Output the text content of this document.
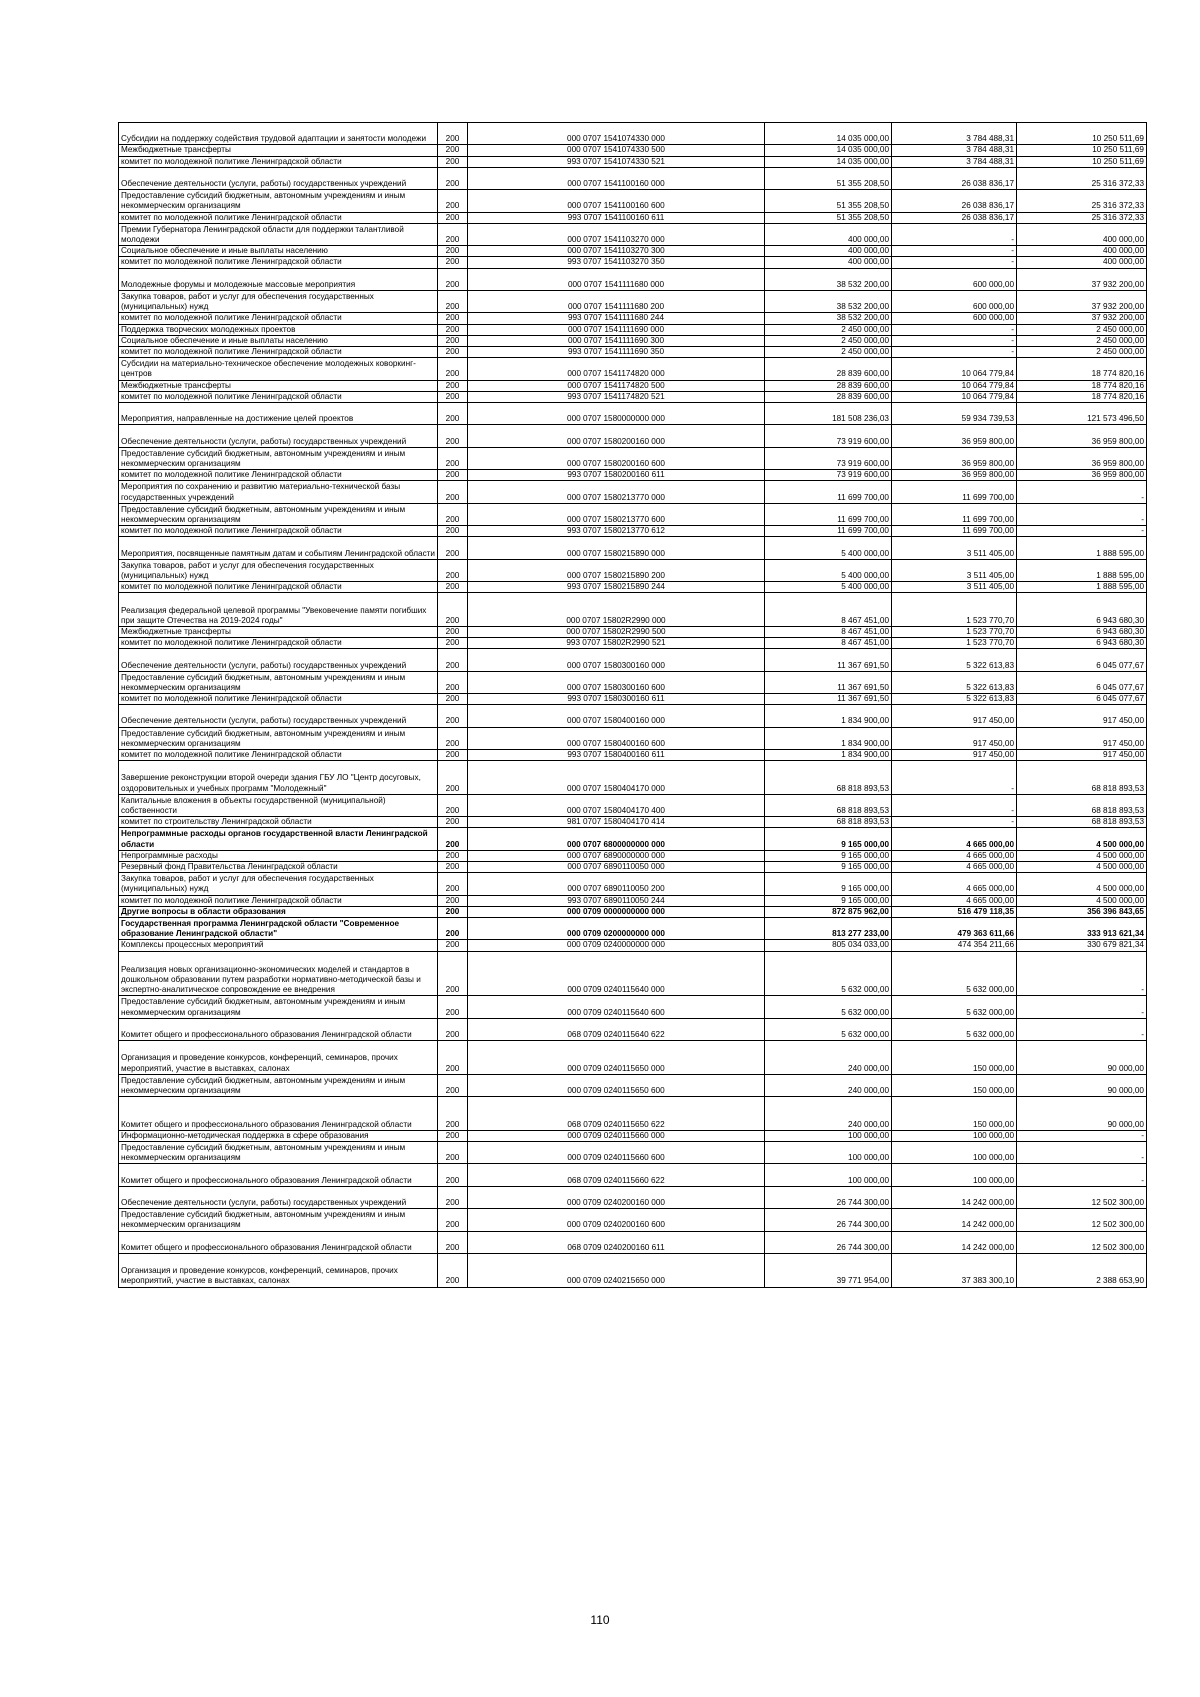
Субсидии на поддержку содействия трудовой адаптации и занятости молодежи	200	000 0707 1541074330 000	14 035 000,00	3 784 488,31	10 250 511,69
Межбюджетные трансферты	200	000 0707 1541074330 500	14 035 000,00	3 784 488,31	10 250 511,69
комитет по молодежной политике Ленинградской области	200	993 0707 1541074330 521	14 035 000,00	3 784 488,31	10 250 511,69
Обеспечение деятельности (услуги, работы) государственных учреждений	200	000 0707 1541100160 000	51 355 208,50	26 038 836,17	25 316 372,33
Предоставление субсидий бюджетным, автономным учреждениям и иным некоммерческим организациям	200	000 0707 1541100160 600	51 355 208,50	26 038 836,17	25 316 372,33
комитет по молодежной политике Ленинградской области	200	993 0707 1541100160 611	51 355 208,50	26 038 836,17	25 316 372,33
Премии Губернатора Ленинградской области для поддержки талантливой молодежи	200	000 0707 1541103270 000	400 000,00	-	400 000,00
Социальное обеспечение и иные выплаты населению	200	000 0707 1541103270 300	400 000,00	-	400 000,00
комитет по молодежной политике Ленинградской области	200	993 0707 1541103270 350	400 000,00	-	400 000,00
Молодежные форумы и молодежные массовые мероприятия	200	000 0707 1541111680 000	38 532 200,00	600 000,00	37 932 200,00
Закупка товаров, работ и услуг для обеспечения государственных (муниципальных) нужд	200	000 0707 1541111680 200	38 532 200,00	600 000,00	37 932 200,00
комитет по молодежной политике Ленинградской области	200	993 0707 1541111680 244	38 532 200,00	600 000,00	37 932 200,00
Поддержка творческих молодежных проектов	200	000 0707 1541111690 000	2 450 000,00	-	2 450 000,00
Социальное обеспечение и иные выплаты населению	200	000 0707 1541111690 300	2 450 000,00	-	2 450 000,00
комитет по молодежной политике Ленинградской области	200	993 0707 1541111690 350	2 450 000,00	-	2 450 000,00
Субсидии на материально-техническое обеспечение молодежных коворкинг-центров	200	000 0707 1541174820 000	28 839 600,00	10 064 779,84	18 774 820,16
Межбюджетные трансферты	200	000 0707 1541174820 500	28 839 600,00	10 064 779,84	18 774 820,16
комитет по молодежной политике Ленинградской области	200	993 0707 1541174820 521	28 839 600,00	10 064 779,84	18 774 820,16
Мероприятия, направленные на достижение целей проектов	200	000 0707 1580000000 000	181 508 236,03	59 934 739,53	121 573 496,50
Обеспечение деятельности (услуги, работы) государственных учреждений	200	000 0707 1580200160 000	73 919 600,00	36 959 800,00	36 959 800,00
Предоставление субсидий бюджетным, автономным учреждениям и иным некоммерческим организациям	200	000 0707 1580200160 600	73 919 600,00	36 959 800,00	36 959 800,00
комитет по молодежной политике Ленинградской области	200	993 0707 1580200160 611	73 919 600,00	36 959 800,00	36 959 800,00
Мероприятия по сохранению и развитию материально-технической базы государственных учреждений	200	000 0707 1580213770 000	11 699 700,00	11 699 700,00	-
Предоставление субсидий бюджетным, автономным учреждениям и иным некоммерческим организациям	200	000 0707 1580213770 600	11 699 700,00	11 699 700,00	-
комитет по молодежной политике Ленинградской области	200	993 0707 1580213770 612	11 699 700,00	11 699 700,00	-
Мероприятия, посвященные памятным датам и событиям Ленинградской области	200	000 0707 1580215890 000	5 400 000,00	3 511 405,00	1 888 595,00
Закупка товаров, работ и услуг для обеспечения государственных (муниципальных) нужд	200	000 0707 1580215890 200	5 400 000,00	3 511 405,00	1 888 595,00
комитет по молодежной политике Ленинградской области	200	993 0707 1580215890 244	5 400 000,00	3 511 405,00	1 888 595,00
Реализация федеральной целевой программы "Увековечение памяти погибших при защите Отечества на 2019-2024 годы"	200	000 0707 15802R2990 000	8 467 451,00	1 523 770,70	6 943 680,30
Межбюджетные трансферты	200	000 0707 15802R2990 500	8 467 451,00	1 523 770,70	6 943 680,30
комитет по молодежной политике Ленинградской области	200	993 0707 15802R2990 521	8 467 451,00	1 523 770,70	6 943 680,30
Обеспечение деятельности (услуги, работы) государственных учреждений	200	000 0707 1580300160 000	11 367 691,50	5 322 613,83	6 045 077,67
Предоставление субсидий бюджетным, автономным учреждениям и иным некоммерческим организациям	200	000 0707 1580300160 600	11 367 691,50	5 322 613,83	6 045 077,67
комитет по молодежной политике Ленинградской области	200	993 0707 1580300160 611	11 367 691,50	5 322 613,83	6 045 077,67
Обеспечение деятельности (услуги, работы) государственных учреждений	200	000 0707 1580400160 000	1 834 900,00	917 450,00	917 450,00
Предоставление субсидий бюджетным, автономным учреждениям и иным некоммерческим организациям	200	000 0707 1580400160 600	1 834 900,00	917 450,00	917 450,00
комитет по молодежной политике Ленинградской области	200	993 0707 1580400160 611	1 834 900,00	917 450,00	917 450,00
Завершение реконструкции второй очереди здания ГБУ ЛО "Центр досуговых, оздоровительных и учебных программ "Молодежный"	200	000 0707 1580404170 000	68 818 893,53	-	68 818 893,53
Капитальные вложения в объекты государственной (муниципальной) собственности	200	000 0707 1580404170 400	68 818 893,53	-	68 818 893,53
комитет по строительству Ленинградской области	200	981 0707 1580404170 414	68 818 893,53	-	68 818 893,53
Непрограммные расходы органов государственной власти Ленинградской области	200	000 0707 6800000000 000	9 165 000,00	4 665 000,00	4 500 000,00
Непрограммные расходы	200	000 0707 6890000000 000	9 165 000,00	4 665 000,00	4 500 000,00
Резервный фонд Правительства Ленинградской области	200	000 0707 6890110050 000	9 165 000,00	4 665 000,00	4 500 000,00
Закупка товаров, работ и услуг для обеспечения государственных (муниципальных) нужд	200	000 0707 6890110050 200	9 165 000,00	4 665 000,00	4 500 000,00
комитет по молодежной политике Ленинградской области	200	993 0707 6890110050 244	9 165 000,00	4 665 000,00	4 500 000,00
Другие вопросы в области образования	200	000 0709 0000000000 000	872 875 962,00	516 479 118,35	356 396 843,65
Государственная программа Ленинградской области "Современное образование Ленинградской области"	200	000 0709 0200000000 000	813 277 233,00	479 363 611,66	333 913 621,34
Комплексы процессных мероприятий	200	000 0709 0240000000 000	805 034 033,00	474 354 211,66	330 679 821,34
Реализация новых организационно-экономических моделей и стандартов в дошкольном образовании путем разработки нормативно-методической базы и экспертно-аналитическое сопровождение ее внедрения	200	000 0709 0240115640 000	5 632 000,00	5 632 000,00	-
Предоставление субсидий бюджетным, автономным учреждениям и иным некоммерческим организациям	200	000 0709 0240115640 600	5 632 000,00	5 632 000,00	-
Комитет общего и профессионального образования Ленинградской области	200	068 0709 0240115640 622	5 632 000,00	5 632 000,00	-
Организация и проведение конкурсов, конференций, семинаров, прочих мероприятий, участие в выставках, салонах	200	000 0709 0240115650 000	240 000,00	150 000,00	90 000,00
Предоставление субсидий бюджетным, автономным учреждениям и иным некоммерческим организациям	200	000 0709 0240115650 600	240 000,00	150 000,00	90 000,00
Комитет общего и профессионального образования Ленинградской области	200	068 0709 0240115650 622	240 000,00	150 000,00	90 000,00
Информационно-методическая поддержка в сфере образования	200	000 0709 0240115660 000	100 000,00	100 000,00	-
Предоставление субсидий бюджетным, автономным учреждениям и иным некоммерческим организациям	200	000 0709 0240115660 600	100 000,00	100 000,00	-
Комитет общего и профессионального образования Ленинградской области	200	068 0709 0240115660 622	100 000,00	100 000,00	-
Обеспечение деятельности (услуги, работы) государственных учреждений	200	000 0709 0240200160 000	26 744 300,00	14 242 000,00	12 502 300,00
Предоставление субсидий бюджетным, автономным учреждениям и иным некоммерческим организациям	200	000 0709 0240200160 600	26 744 300,00	14 242 000,00	12 502 300,00
Комитет общего и профессионального образования Ленинградской области	200	068 0709 0240200160 611	26 744 300,00	14 242 000,00	12 502 300,00
Организация и проведение конкурсов, конференций, семинаров, прочих мероприятий, участие в выставках, салонах	200	000 0709 0240215650 000	39 771 954,00	37 383 300,10	2 388 653,90
110
